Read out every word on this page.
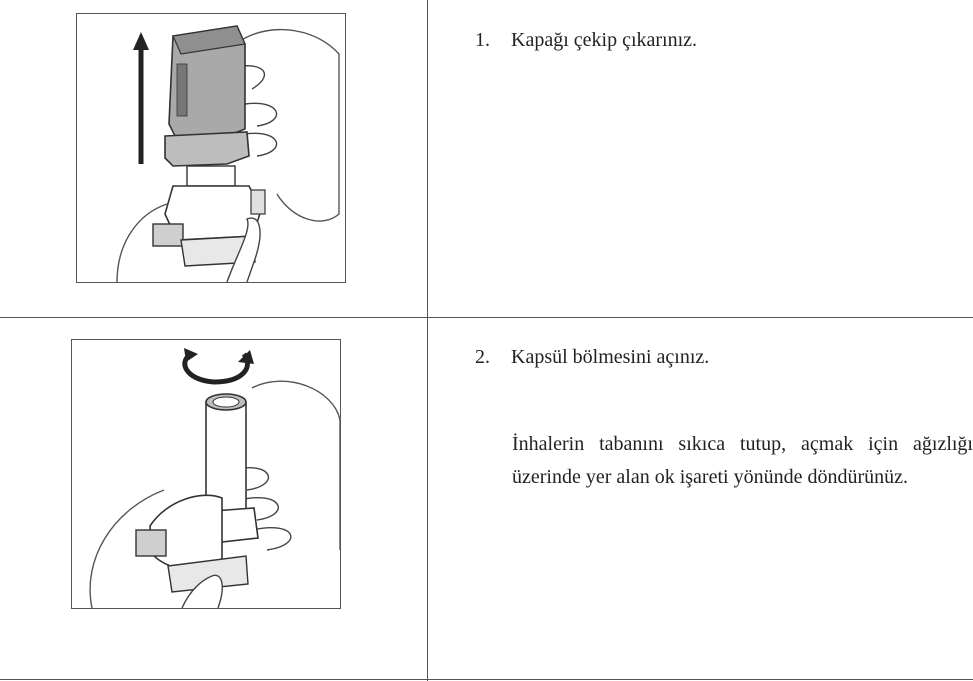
1. Kapağı çekip çıkarınız.
2. Kapsül bölmesini açınız.
İnhalerin tabanını sıkıca tutup, açmak için ağızlığı üzerinde yer alan ok işareti yönünde döndürünüz.
